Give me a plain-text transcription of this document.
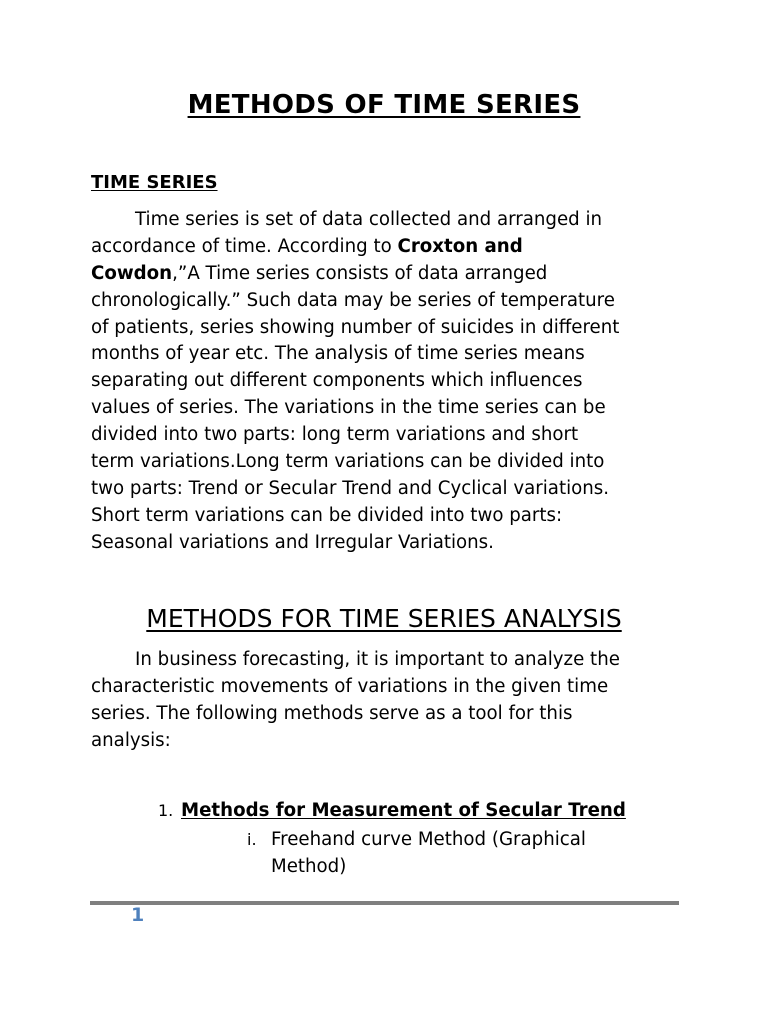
METHODS OF TIME SERIES
TIME SERIES
Time series is set of data collected and arranged in
accordance of time. According to Croxton and
Cowdon,”A Time series consists of data arranged
chronologically.” Such data may be series of temperature
of patients, series showing number of suicides in different
months of year etc. The analysis of time series means
separating out different components which influences
values of series. The variations in the time series can be
divided into two parts: long term variations and short
term variations.Long term variations can be divided into
two parts: Trend or Secular Trend and Cyclical variations.
Short term variations can be divided into two parts:
Seasonal variations and Irregular Variations.
METHODS FOR TIME SERIES ANALYSIS
In business forecasting, it is important to analyze the
characteristic movements of variations in the given time
series. The following methods serve as a tool for this
analysis:
1. Methods for Measurement of Secular Trend
i. Freehand curve Method (Graphical
Method)
1
